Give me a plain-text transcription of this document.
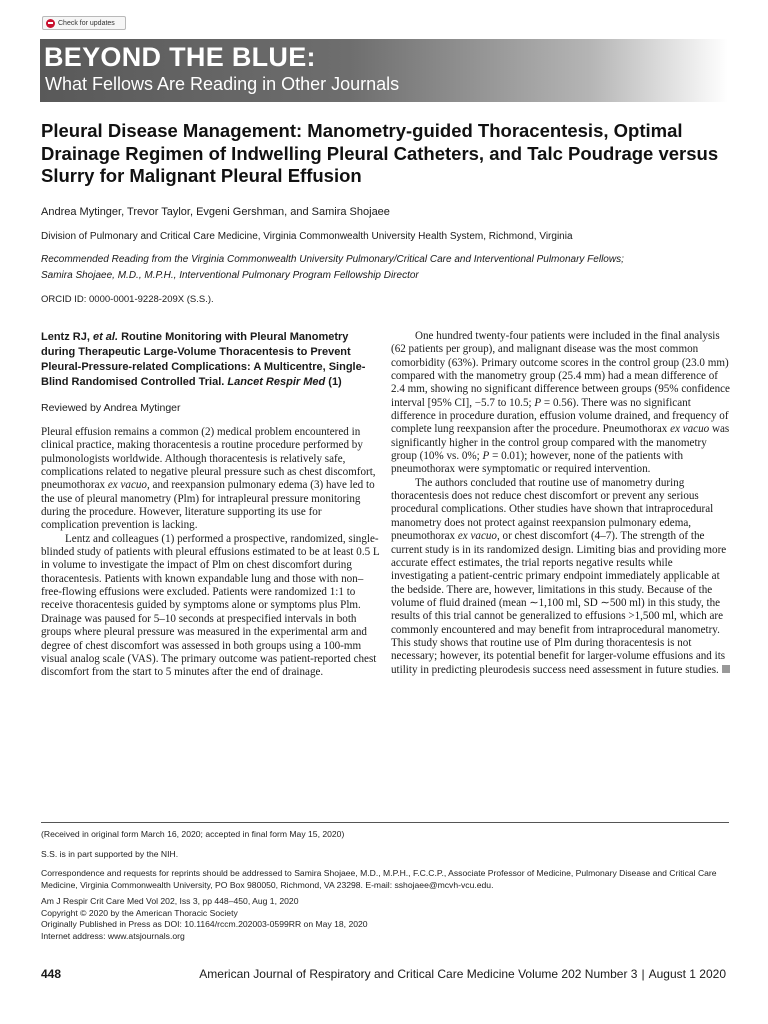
Check for updates
BEYOND THE BLUE:
What Fellows Are Reading in Other Journals
Pleural Disease Management: Manometry-guided Thoracentesis, Optimal Drainage Regimen of Indwelling Pleural Catheters, and Talc Poudrage versus Slurry for Malignant Pleural Effusion
Andrea Mytinger, Trevor Taylor, Evgeni Gershman, and Samira Shojaee
Division of Pulmonary and Critical Care Medicine, Virginia Commonwealth University Health System, Richmond, Virginia
Recommended Reading from the Virginia Commonwealth University Pulmonary/Critical Care and Interventional Pulmonary Fellows;
Samira Shojaee, M.D., M.P.H., Interventional Pulmonary Program Fellowship Director
ORCID ID: 0000-0001-9228-209X (S.S.).

Lentz RJ, et al. Routine Monitoring with Pleural Manometry during Therapeutic Large-Volume Thoracentesis to Prevent Pleural-Pressure-related Complications: A Multicentre, Single-Blind Randomised Controlled Trial. Lancet Respir Med (1)

Reviewed by Andrea Mytinger

Pleural effusion remains a common (2) medical problem encountered in clinical practice, making thoracentesis a routine procedure performed by pulmonologists worldwide. Although thoracentesis is relatively safe, complications related to negative pleural pressure such as chest discomfort, pneumothorax ex vacuo, and reexpansion pulmonary edema (3) have led to the use of pleural manometry (Plm) for intrapleural pressure monitoring during the procedure. However, literature supporting its use for complication prevention is lacking.

Lentz and colleagues (1) performed a prospective, randomized, single-blinded study of patients with pleural effusions estimated to be at least 0.5 L in volume to investigate the impact of Plm on chest discomfort during thoracentesis. Patients with known expandable lung and those with non–free-flowing effusions were excluded. Patients were randomized 1:1 to receive thoracentesis guided by symptoms alone or symptoms plus Plm. Drainage was paused for 5–10 seconds at prespecified intervals in both groups where pleural pressure was measured in the experimental arm and degree of chest discomfort was assessed in both groups using a 100-mm visual analog scale (VAS). The primary outcome was patient-reported chest discomfort from the start to 5 minutes after the end of drainage.

One hundred twenty-four patients were included in the final analysis (62 patients per group), and malignant disease was the most common comorbidity (63%). Primary outcome scores in the control group (23.0 mm) compared with the manometry group (25.4 mm) had a mean difference of 2.4 mm, showing no significant difference between groups (95% confidence interval [95% CI], −5.7 to 10.5; P = 0.56). There was no significant difference in procedure duration, effusion volume drained, and frequency of complete lung reexpansion after the procedure. Pneumothorax ex vacuo was significantly higher in the control group compared with the manometry group (10% vs. 0%; P = 0.01); however, none of the patients with pneumothorax were symptomatic or required intervention.

The authors concluded that routine use of manometry during thoracentesis does not reduce chest discomfort or prevent any serious procedural complications. Other studies have shown that intraprocedural manometry does not protect against reexpansion pulmonary edema, pneumothorax ex vacuo, or chest discomfort (4–7). The strength of the current study is in its randomized design. Limiting bias and providing more accurate effect estimates, the trial reports negative results while investigating a patient-centric primary endpoint immediately applicable at the bedside. There are, however, limitations in this study. Because of the volume of fluid drained (mean ∼1,100 ml, SD ∼500 ml) in this study, the results of this trial cannot be generalized to effusions >1,500 ml, which are commonly encountered and may benefit from intraprocedural manometry. This study shows that routine use of Plm during thoracentesis is not necessary; however, its potential benefit for larger-volume effusions and its utility in predicting pleurodesis success need assessment in future studies.

(Received in original form March 16, 2020; accepted in final form May 15, 2020)
S.S. is in part supported by the NIH.
Correspondence and requests for reprints should be addressed to Samira Shojaee, M.D., M.P.H., F.C.C.P., Associate Professor of Medicine, Pulmonary Disease and Critical Care Medicine, Virginia Commonwealth University, PO Box 980050, Richmond, VA 23298. E-mail: sshojaee@mcvh-vcu.edu.
Am J Respir Crit Care Med Vol 202, Iss 3, pp 448–450, Aug 1, 2020
Copyright © 2020 by the American Thoracic Society
Originally Published in Press as DOI: 10.1164/rccm.202003-0599RR on May 18, 2020
Internet address: www.atsjournals.org
448	American Journal of Respiratory and Critical Care Medicine Volume 202 Number 3 | August 1 2020
